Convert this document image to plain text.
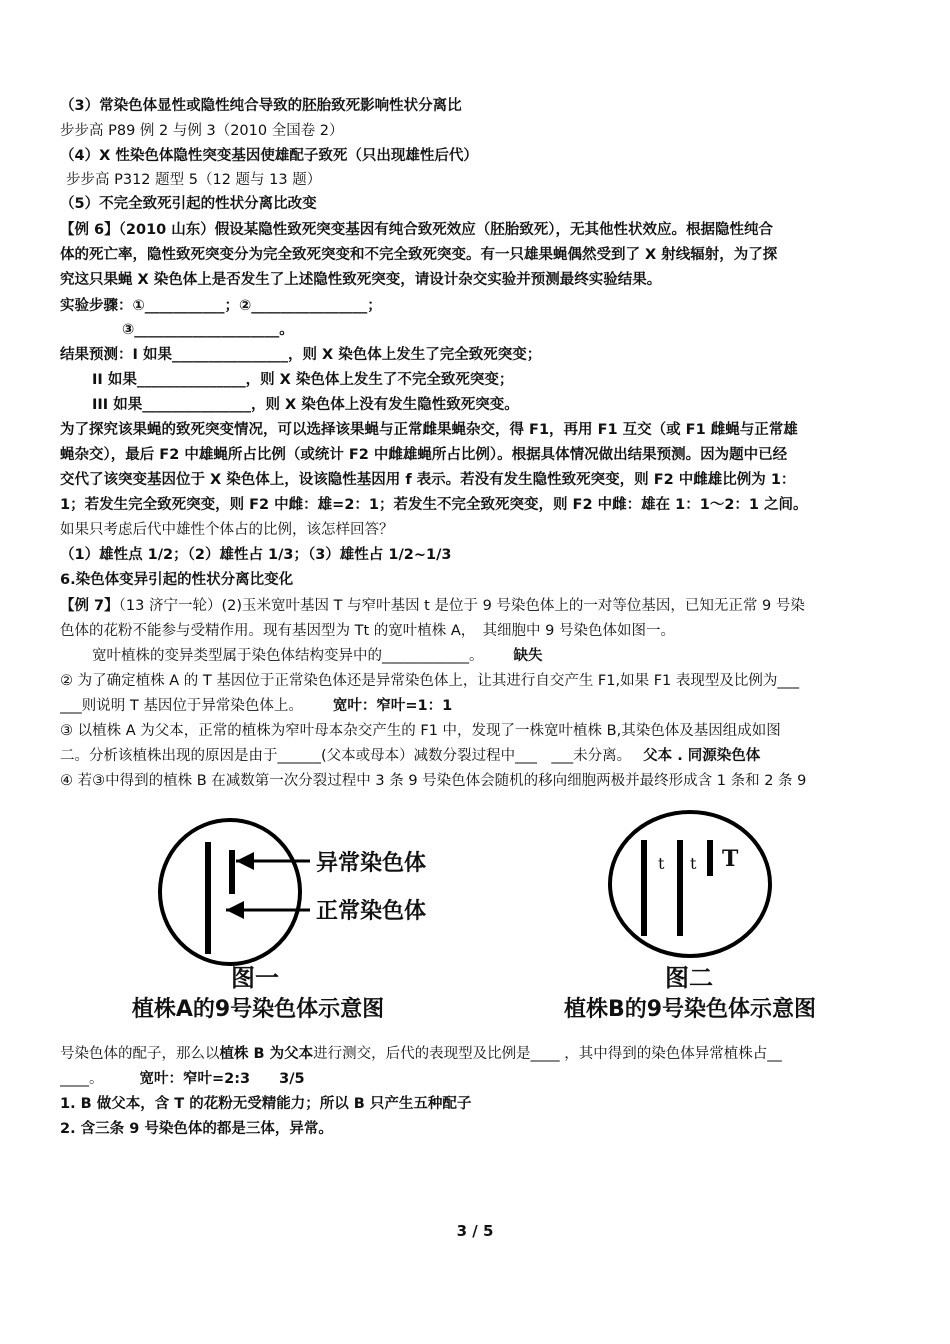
（3）常染色体显性或隐性纯合导致的胚胎致死影响性状分离比
步步高 P89 例 2 与例 3（2010 全国卷 2）
（4）X 性染色体隐性突变基因使雄配子致死（只出现雄性后代）
步步高 P312 题型 5（12 题与 13 题）
（5）不完全致死引起的性状分离比改变
【例 6】（2010 山东）假设某隐性致死突变基因有纯合致死效应（胚胎致死），无其他性状效应。根据隐性纯合
体的死亡率，隐性致死突变分为完全致死突变和不完全致死突变。有一只雄果蝇偶然受到了 X 射线辐射，为了探
究这只果蝇 X 染色体上是否发生了上述隐性致死突变，请设计杂交实验并预测最终实验结果。
实验步骤：①___________；②________________；
③____________________。
结果预测：I 如果________________，则 X 染色体上发生了完全致死突变；
II 如果_______________，则 X 染色体上发生了不完全致死突变；
III 如果_______________，则 X 染色体上没有发生隐性致死突变。
为了探究该果蝇的致死突变情况，可以选择该果蝇与正常雌果蝇杂交，得 F1，再用 F1 互交（或 F1 雌蝇与正常雄
蝇杂交），最后 F2 中雄蝇所占比例（或统计 F2 中雌雄蝇所占比例）。根据具体情况做出结果预测。因为题中已经
交代了该突变基因位于 X 染色体上，设该隐性基因用 f 表示。若没有发生隐性致死突变，则 F2 中雌雄比例为 1：
1；若发生完全致死突变，则 F2 中雌：雄=2：1；若发生不完全致死突变，则 F2 中雌：雄在 1：1～2：1 之间。
如果只考虑后代中雄性个体占的比例，该怎样回答？
（1）雄性点 1/2；（2）雄性占 1/3；（3）雄性占 1/2~1/3
6.染色体变异引起的性状分离比变化
【例 7】（13 济宁一轮）(2)玉米宽叶基因 T 与窄叶基因 t 是位于 9 号染色体上的一对等位基因，已知无正常 9 号染
色体的花粉不能参与受精作用。现有基因型为 Tt 的宽叶植株 A，　其细胞中 9 号染色体如图一。
宽叶植株的变异类型属于染色体结构变异中的____________。 缺失
② 为了确定植株 A 的 T 基因位于正常染色体还是异常染色体上，让其进行自交产生 F1,如果 F1 表现型及比例为___
___则说明 T 基因位于异常染色体上。 宽叶：窄叶=1：1
③ 以植株 A 为父本，正常的植株为窄叶母本杂交产生的 F1 中，发现了一株宽叶植株 B,其染色体及基因组成如图
二。分析该植株出现的原因是由于______(父本或母本）减数分裂过程中___　___未分离。 父本 . 同源染色体
④ 若③中得到的植株 B 在减数第一次分裂过程中 3 条 9 号染色体会随机的移向细胞两极并最终形成含 1 条和 2 条 9
异常染色体
正常染色体
图一
植株A的9号染色体示意图
t t T
图二
植株B的9号染色体示意图
号染色体的配子，那么以植株 B 为父本进行测交，后代的表现型及比例是____ ，其中得到的染色体异常植株占__
____。 宽叶：窄叶=2:3　　3/5
1. B 做父本，含 T 的花粉无受精能力；所以 B 只产生五种配子
2. 含三条 9 号染色体的都是三体，异常。
3 / 5
